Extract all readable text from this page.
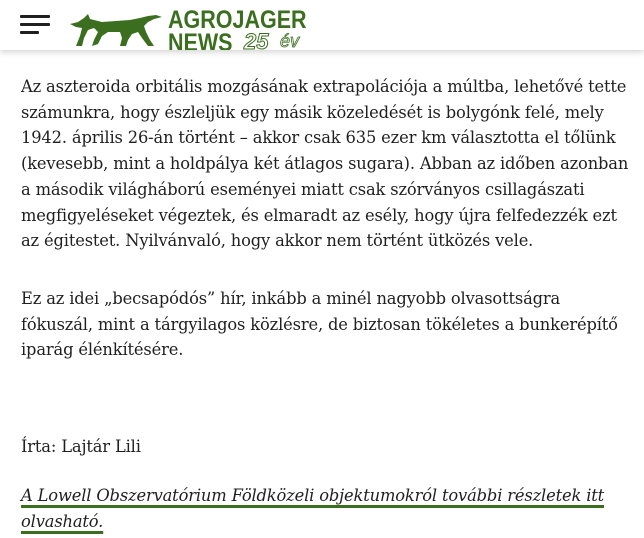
AGROJAGER
NEWS 25 év

Az aszteroida orbitális mozgásának extrapolációja a múltba, lehetővé tette számunkra, hogy észleljük egy másik közeledését is bolygónk felé, mely 1942. április 26-án történt – akkor csak 635 ezer km választotta el tőlünk (kevesebb, mint a holdpálya két átlagos sugara). Abban az időben azonban a második világháború eseményei miatt csak szórványos csillagászati megfigyeléseket végeztek, és elmaradt az esély, hogy újra felfedezzék ezt az égitestet. Nyilvánvaló, hogy akkor nem történt ütközés vele.

Ez az idei „becsapódós” hír, inkább a minél nagyobb olvasottságra fókuszál, mint a tárgyilagos közlésre, de biztosan tökéletes a bunkerépítő iparág élénkítésére.

Írta: Lajtár Lili

A Lowell Obszervatórium Földközeli objektumokról további részletek itt olvasható.
